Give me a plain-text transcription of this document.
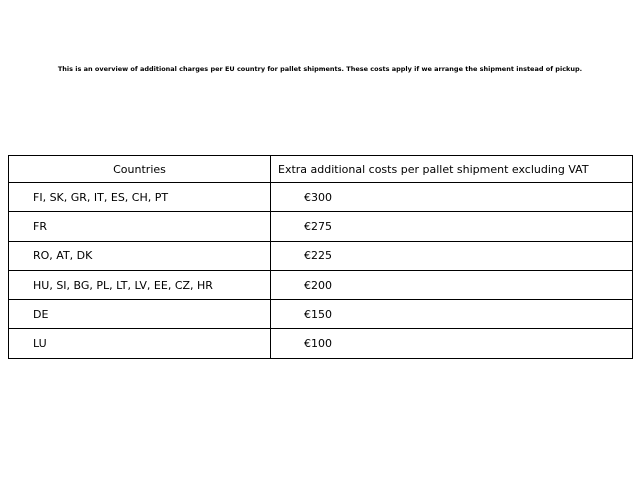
This is an overview of additional charges per EU country for pallet shipments. These costs apply if we arrange the shipment instead of pickup.

Countries	Extra additional costs per pallet shipment excluding VAT
FI, SK, GR, IT, ES, CH, PT	€300
FR	€275
RO, AT, DK	€225
HU, SI, BG, PL, LT, LV, EE, CZ, HR	€200
DE	€150
LU	€100
